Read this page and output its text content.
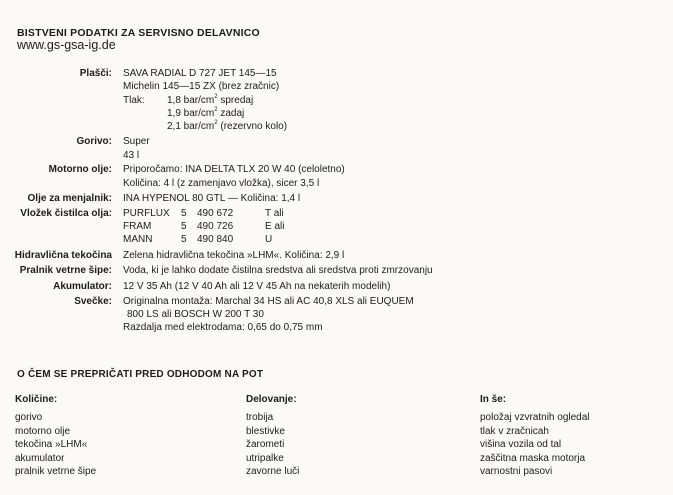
BISTVENI PODATKI ZA SERVISNO DELAVNICO
www.gs-gsa-ig.de
Plašči: SAVA RADIAL D 727 JET 145—15
Michelin 145—15 ZX (brez zračnic)
Tlak: 1,8 bar/$cm^2$ spredaj
1,9 bar/$cm^2$ zadaj
2,1 bar/$cm^2$ (rezervno kolo)
Gorivo: Super
43 l
Motorno olje: Priporočamo: INA DELTA TLX 20 W 40 (celoletno)
Količina: 4 l (z zamenjavo vložka), sicer 3,5 l
Olje za menjalnik: INA HYPENOL 80 GTL — Količina: 1,4 l
Vložek čistilca olja: PURFLUX	5	490 672	T ali
FRAM	5	490 726	E ali
MANN	5	490 840	U
Hidravlična tekočina Zelena hidravlična tekočina »LHM«. Količina: 2,9 l
Pralnik vetrne šipe: Voda, ki je lahko dodate čistilna sredstva ali sredstva proti zmrzovanju
Akumulator: 12 V 35 Ah (12 V 40 Ah ali 12 V 45 Ah na nekaterih modelih)
Svečke: Originalna montaža: Marchal 34 HS ali AC 40,8 XLS ali EUQUEM
800 LS ali BOSCH W 200 T 30
Razdalja med elektrodama: 0,65 do 0,75 mm
O ČEM SE PREPRIČATI PRED ODHODOM NA POT
Količine:
gorivo
motorno olje
tekočina »LHM«
akumulator
pralnik vetrne šipe
Delovanje:
trobija
blestivke
žarometi
utripalke
zavorne luči
In še:
položaj vzvratnih ogledal
tlak v zračnicah
višina vozila od tal
zaščitna maska motorja
varnostni pasovi
